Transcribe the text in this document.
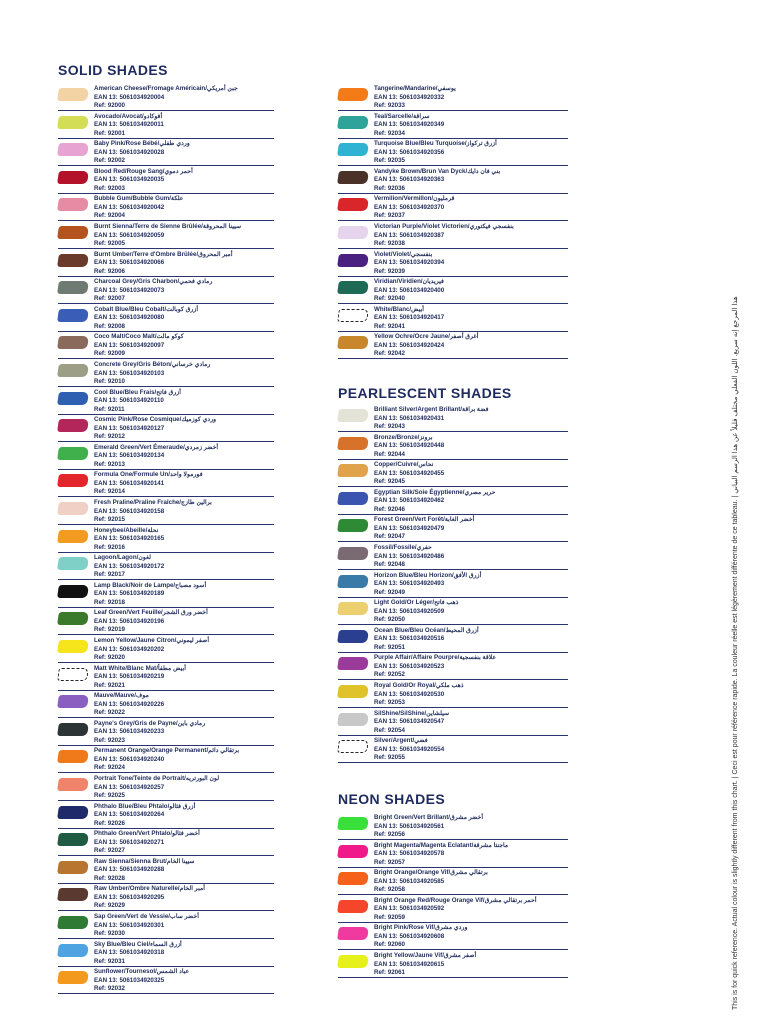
SOLID SHADES
American Cheese/Fromage Américain/جبن أمريكي
EAN 13: 5061034920004
Ref: 92000
Avocado/Avocat/أفوكادو
EAN 13: 5061034920011
Ref: 92001
Baby Pink/Rose Bébé/وردي طفلي
EAN 13: 5061034920028
Ref: 92002
Blood Red/Rouge Sang/أحمر دموي
EAN 13: 5061034920035
Ref: 92003
Bubble Gum/Bubble Gum/علكة
EAN 13: 5061034920042
Ref: 92004
Burnt Sienna/Terre de Sienne Brûlée/سيينا المحروقة
EAN 13: 5061034920059
Ref: 92005
Burnt Umber/Terre d'Ombre Brûlée/أمبر المحروق
EAN 13: 5061034920066
Ref: 92006
Charcoal Grey/Gris Charbon/رمادي فحمي
EAN 13: 5061034920073
Ref: 92007
Cobalt Blue/Bleu Cobalt/أزرق كوبالت
EAN 13: 5061034920080
Ref: 92008
Coco Malt/Coco Malt/كوكو مالت
EAN 13: 5061034920097
Ref: 92009
Concrete Grey/Gris Béton/رمادي خرساني
EAN 13: 5061034920103
Ref: 92010
Cool Blue/Bleu Frais/أزرق فاتح
EAN 13: 5061034920110
Ref: 92011
Cosmic Pink/Rose Cosmique/وردي كوزميك
EAN 13: 5061034920127
Ref: 92012
Emerald Green/Vert Émeraude/أخضر زمردي
EAN 13: 5061034920134
Ref: 92013
Formula One/Formule Un/فورمولا واحد
EAN 13: 5061034920141
Ref: 92014
Fresh Praline/Praline Fraîche/برالين طازج
EAN 13: 5061034920158
Ref: 92015
Honeybee/Abeille/نحلة
EAN 13: 5061034920165
Ref: 92016
Lagoon/Lagon/لغون
EAN 13: 5061034920172
Ref: 92017
Lamp Black/Noir de Lampe/أسود مصباح
EAN 13: 5061034920189
Ref: 92018
Leaf Green/Vert Feuille/أخضر ورق الشجر
EAN 13: 5061034920196
Ref: 92019
Lemon Yellow/Jaune Citron/أصفر ليموني
EAN 13: 5061034920202
Ref: 92020
Matt White/Blanc Mat/أبيض مطفأ
EAN 13: 5061034920219
Ref: 92021
Mauve/Mauve/موف
EAN 13: 5061034920226
Ref: 92022
Payne's Grey/Gris de Payne/رمادي باين
EAN 13: 5061034920233
Ref: 92023
Permanent Orange/Orange Permanent/برتقالي دائم
EAN 13: 5061034920240
Ref: 92024
Portrait Tone/Teinte de Portrait/لون البورتريه
EAN 13: 5061034920257
Ref: 92025
Phthalo Blue/Bleu Phtalo/أزرق فثالو
EAN 13: 5061034920264
Ref: 92026
Phthalo Green/Vert Phtalo/أخضر فثالو
EAN 13: 5061034920271
Ref: 92027
Raw Sienna/Sienna Brut/سيينا الخام
EAN 13: 5061034920288
Ref: 92028
Raw Umber/Ombre Naturelle/أمبر الخام
EAN 13: 5061034920295
Ref: 92029
Sap Green/Vert de Vessie/أخضر ساب
EAN 13: 5061034920301
Ref: 92030
Sky Blue/Bleu Ciel/أزرق السماء
EAN 13: 5061034920318
Ref: 92031
Sunflower/Tournesol/عباد الشمس
EAN 13: 5061034920325
Ref: 92032
Tangerine/Mandarine/يوسفي
EAN 13: 5061034920332
Ref: 92033
Teal/Sarcelle/سراقة
EAN 13: 5061034920349
Ref: 92034
Turquoise Blue/Bleu Turquoise/أزرق تركواز
EAN 13: 5061034920356
Ref: 92035
Vandyke Brown/Brun Van Dyck/بني فان دايك
EAN 13: 5061034920363
Ref: 92036
Vermilion/Vermillon/قرمليون
EAN 13: 5061034920370
Ref: 92037
Victorian Purple/Violet Victorien/بنفسجي فيكتوري
EAN 13: 5061034920387
Ref: 92038
Violet/Violet/بنفسجي
EAN 13: 5061034920394
Ref: 92039
Viridian/Viridien/فيريديان
EAN 13: 5061034920400
Ref: 92040
White/Blanc/أبيض
EAN 13: 5061034920417
Ref: 92041
Yellow Ochre/Ocre Jaune/أغرق أصفر
EAN 13: 5061034920424
Ref: 92042
PEARLESCENT SHADES
Brilliant Silver/Argent Brillant/فضة براقة
EAN 13: 5061034920431
Ref: 92043
Bronze/Bronze/برونز
EAN 13: 5061034920448
Ref: 92044
Copper/Cuivre/نحاس
EAN 13: 5061034920455
Ref: 92045
Egyptian Silk/Soie Égyptienne/حرير مصري
EAN 13: 5061034920462
Ref: 92046
Forest Green/Vert Forêt/أخضر الغابة
EAN 13: 5061034920479
Ref: 92047
Fossil/Fossile/حفري
EAN 13: 5061034920486
Ref: 92048
Horizon Blue/Bleu Horizon/أزرق الأفق
EAN 13: 5061034920493
Ref: 92049
Light Gold/Or Léger/ذهب فاتح
EAN 13: 5061034920509
Ref: 92050
Ocean Blue/Bleu Océan/أزرق المحيط
EAN 13: 5061034920516
Ref: 92051
Purple Affair/Affaire Pourpre/علاقة بنفسجية
EAN 13: 5061034920523
Ref: 92052
Royal Gold/Or Royal/ذهب ملكي
EAN 13: 5061034920530
Ref: 92053
SilShine/SilShine/سيلشاين
EAN 13: 5061034920547
Ref: 92054
Silver/Argent/فضي
EAN 13: 5061034920554
Ref: 92055
NEON SHADES
Bright Green/Vert Brillant/أخضر مشرق
EAN 13: 5061034920561
Ref: 92056
Bright Magenta/Magenta Eclatant/ماجنتا مشرقة
EAN 13: 5061034920578
Ref: 92057
Bright Orange/Orange Vif/برتقالي مشرق
EAN 13: 5061034920585
Ref: 92058
Bright Orange Red/Rouge Orange Vif/أحمر برتقالي مشرق
EAN 13: 5061034920592
Ref: 92059
Bright Pink/Rose Vif/وردي مشرق
EAN 13: 5061034920608
Ref: 92060
Bright Yellow/Jaune Vif/أصفر مشرق
EAN 13: 5061034920615
Ref: 92061	This is for quick reference. Actual colour is slightly different from this chart. | Ceci est pour référence rapide. La couleur réelle est légèrement différente de ce tableau. | هذا المرجع إنه سريع. اللون الفعلي مختلف قليلاً عن هذا الرسم البياني
